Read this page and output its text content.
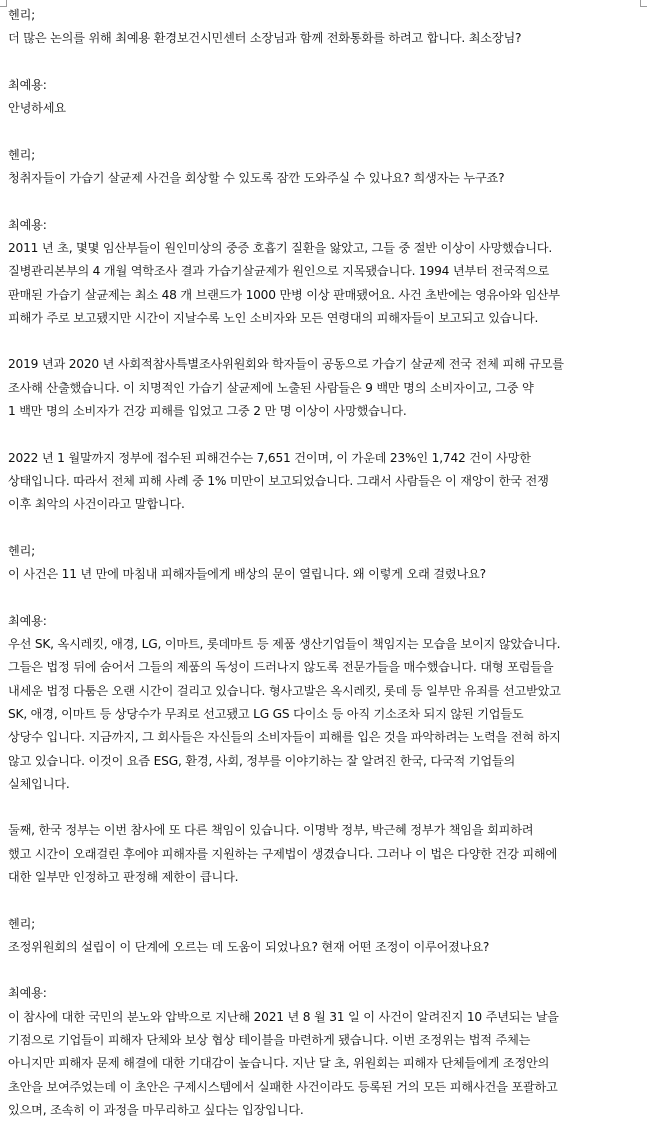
헨리;
더 많은 논의를 위해 최예용 환경보건시민센터 소장님과 함께 전화통화를 하려고 합니다. 최소장님?
최예용:
안녕하세요
헨리;
청취자들이 가습기 살균제 사건을 회상할 수 있도록 잠깐 도와주실 수 있나요? 희생자는 누구죠?
최예용:
2011 년 초, 몇몇 임산부들이 원인미상의 중증 호흡기 질환을 앓았고, 그들 중 절반 이상이 사망했습니다.
질병관리본부의 4 개월 역학조사 결과 가습기살균제가 원인으로 지목됐습니다. 1994 년부터 전국적으로
판매된 가습기 살균제는 최소 48 개 브랜드가 1000 만병 이상 판매됐어요. 사건 초반에는 영유아와 임산부
피해가 주로 보고됐지만 시간이 지날수록 노인 소비자와 모든 연령대의 피해자들이 보고되고 있습니다.
2019 년과 2020 년 사회적참사특별조사위원회와 학자들이 공동으로 가습기 살균제 전국 전체 피해 규모를
조사해 산출했습니다. 이 치명적인 가습기 살균제에 노출된 사람들은 9 백만 명의 소비자이고, 그중 약
1 백만 명의 소비자가 건강 피해를 입었고 그중 2 만 명 이상이 사망했습니다.
2022 년 1 월말까지 정부에 접수된 피해건수는 7,651 건이며, 이 가운데 23%인 1,742 건이 사망한
상태입니다. 따라서 전체 피해 사례 중 1% 미만이 보고되었습니다. 그래서 사람들은 이 재앙이 한국 전쟁
이후 최악의 사건이라고 말합니다.
헨리;
이 사건은 11 년 만에 마침내 피해자들에게 배상의 문이 열립니다. 왜 이렇게 오래 걸렸나요?
최예용:
우선 SK, 옥시레킷, 애경, LG, 이마트, 롯데마트 등 제품 생산기업들이 책임지는 모습을 보이지 않았습니다.
그들은 법정 뒤에 숨어서 그들의 제품의 독성이 드러나지 않도록 전문가들을 매수했습니다. 대형 포럼들을
내세운 법정 다툼은 오랜 시간이 걸리고 있습니다. 형사고발은 옥시레킷, 롯데 등 일부만 유죄를 선고받았고
SK, 애경, 이마트 등 상당수가 무죄로 선고됐고 LG GS 다이소 등 아직 기소조차 되지 않된 기업들도
상당수 입니다. 지금까지, 그 회사들은 자신들의 소비자들이 피해를 입은 것을 파악하려는 노력을 전혀 하지
않고 있습니다. 이것이 요즘 ESG, 환경, 사회, 정부를 이야기하는 잘 알려진 한국, 다국적 기업들의
실체입니다.
둘째, 한국 정부는 이번 참사에 또 다른 책임이 있습니다. 이명박 정부, 박근혜 정부가 책임을 회피하려
했고 시간이 오래걸린 후에야 피해자를 지원하는 구제법이 생겼습니다. 그러나 이 법은 다양한 건강 피해에
대한 일부만 인정하고 판정해 제한이 큽니다.
헨리;
조정위원회의 설립이 이 단계에 오르는 데 도움이 되었나요? 현재 어떤 조정이 이루어졌나요?
최예용:
이 참사에 대한 국민의 분노와 압박으로 지난해 2021 년 8 월 31 일 이 사건이 알려진지 10 주년되는 날을
기점으로 기업들이 피해자 단체와 보상 협상 테이블을 마련하게 됐습니다. 이번 조정위는 법적 주체는
아니지만 피해자 문제 해결에 대한 기대감이 높습니다. 지난 달 초, 위원회는 피해자 단체들에게 조정안의
초안을 보여주었는데 이 초안은 구제시스템에서 실패한 사건이라도 등록된 거의 모든 피해사건을 포괄하고
있으며, 조속히 이 과정을 마무리하고 싶다는 입장입니다.
